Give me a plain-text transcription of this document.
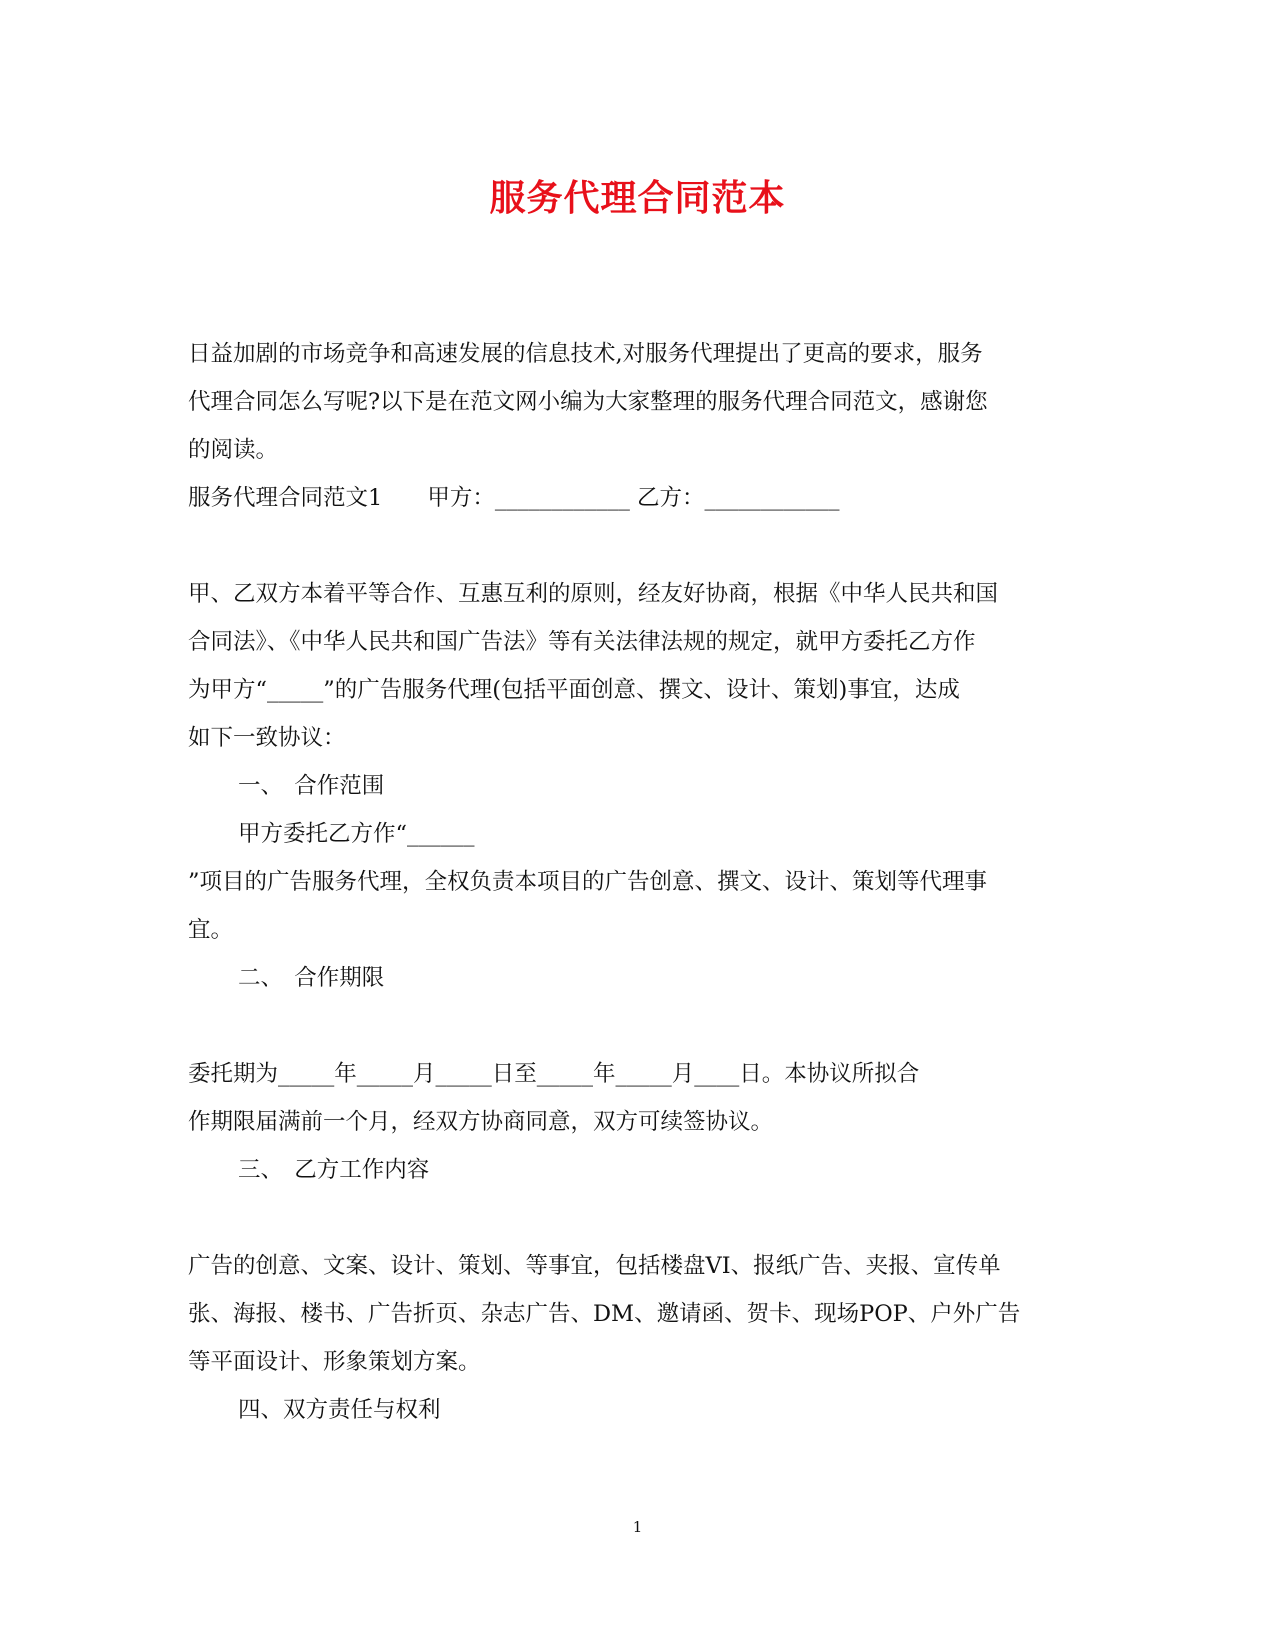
服务代理合同范本

日益加剧的市场竞争和高速发展的信息技术,对服务代理提出了更高的要求，服务

代理合同怎么写呢?以下是在范文网小编为大家整理的服务代理合同范文，感谢您

的阅读。

服务代理合同范文1　　甲方：____________ 乙方：____________

甲、乙双方本着平等合作、互惠互利的原则，经友好协商，根据《中华人民共和国

合同法》、《中华人民共和国广告法》等有关法律法规的规定，就甲方委托乙方作

为甲方“_____”的广告服务代理(包括平面创意、撰文、设计、策划)事宜，达成

如下一致协议：

一、　合作范围

甲方委托乙方作“______

”项目的广告服务代理，全权负责本项目的广告创意、撰文、设计、策划等代理事

宜。

二、　合作期限

委托期为_____年_____月_____日至_____年_____月____日。本协议所拟合

作期限届满前一个月，经双方协商同意，双方可续签协议。

三、　乙方工作内容

广告的创意、文案、设计、策划、等事宜，包括楼盘VI、报纸广告、夹报、宣传单

张、海报、楼书、广告折页、杂志广告、DM、邀请函、贺卡、现场POP、户外广告

等平面设计、形象策划方案。

四、双方责任与权利

1
